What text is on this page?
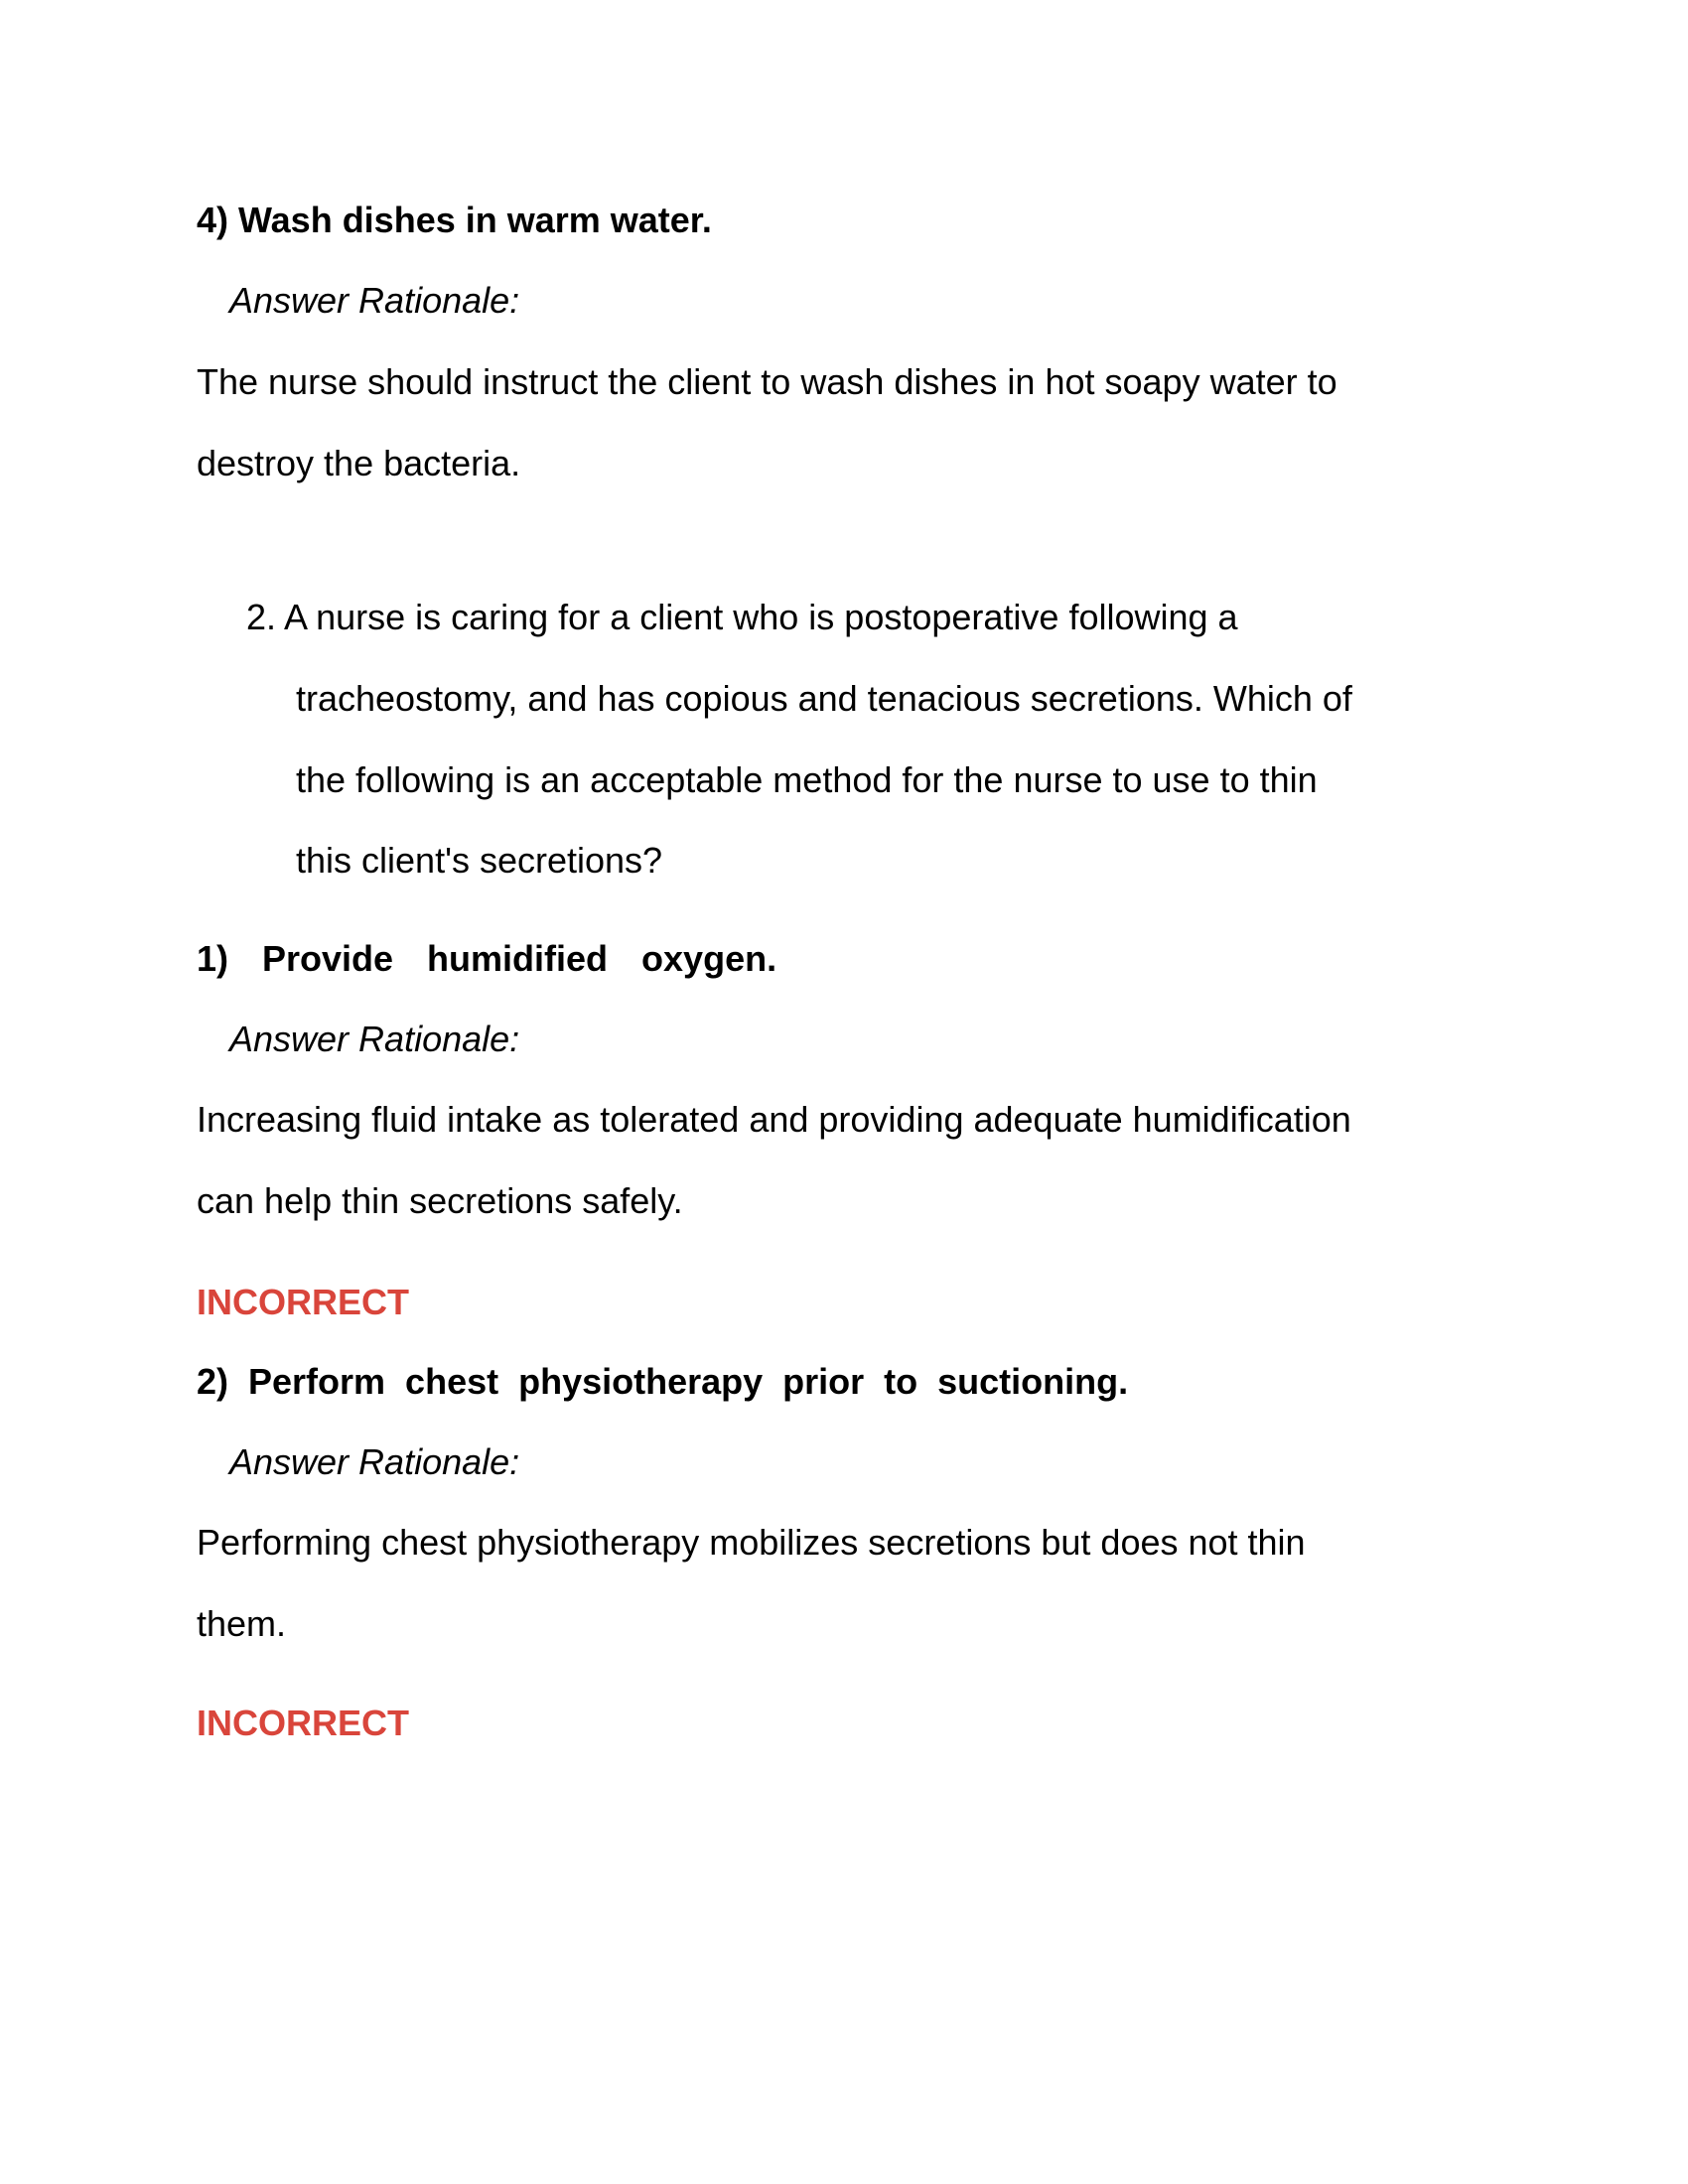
4) Wash dishes in warm water.

Answer Rationale:

The nurse should instruct the client to wash dishes in hot soapy water to

destroy the bacteria.

2. A nurse is caring for a client who is postoperative following a

tracheostomy, and has copious and tenacious secretions. Which of

the following is an acceptable method for the nurse to use to thin

this client's secretions?

1) Provide humidified oxygen.

Answer Rationale:

Increasing fluid intake as tolerated and providing adequate humidification

can help thin secretions safely.

INCORRECT

2) Perform chest physiotherapy prior to suctioning.

Answer Rationale:

Performing chest physiotherapy mobilizes secretions but does not thin

them.

INCORRECT
